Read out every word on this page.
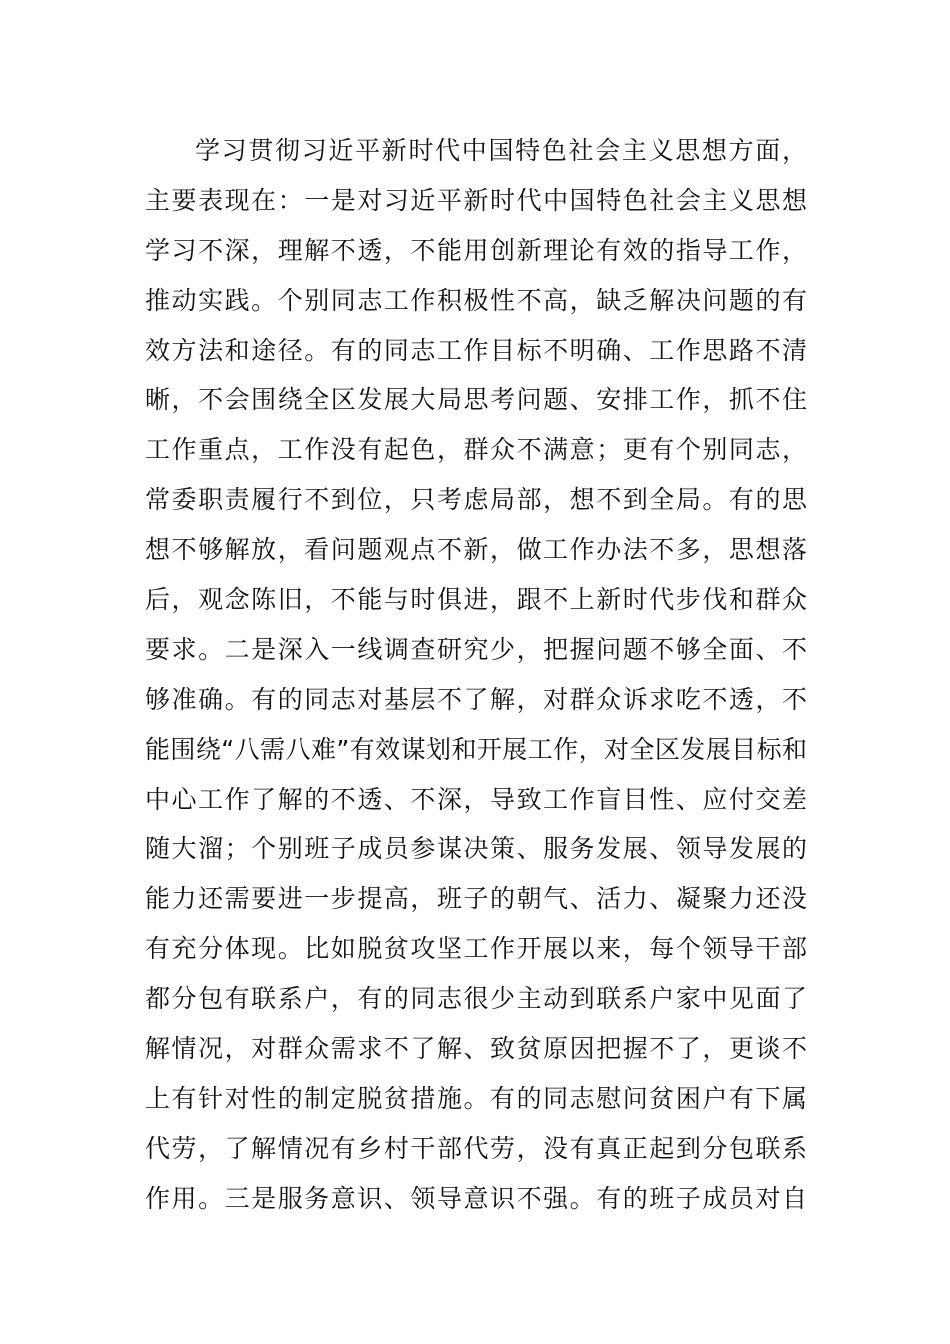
学习贯彻习近平新时代中国特色社会主义思想方面，
主要表现在：一是对习近平新时代中国特色社会主义思想
学习不深，理解不透，不能用创新理论有效的指导工作，
推动实践。个别同志工作积极性不高，缺乏解决问题的有
效方法和途径。有的同志工作目标不明确、工作思路不清
晰，不会围绕全区发展大局思考问题、安排工作，抓不住
工作重点，工作没有起色，群众不满意；更有个别同志，
常委职责履行不到位，只考虑局部，想不到全局。有的思
想不够解放，看问题观点不新，做工作办法不多，思想落
后，观念陈旧，不能与时俱进，跟不上新时代步伐和群众
要求。二是深入一线调查研究少，把握问题不够全面、不
够准确。有的同志对基层不了解，对群众诉求吃不透，不
能围绕“八需八难”有效谋划和开展工作，对全区发展目标和
中心工作了解的不透、不深，导致工作盲目性、应付交差
随大溜；个别班子成员参谋决策、服务发展、领导发展的
能力还需要进一步提高，班子的朝气、活力、凝聚力还没
有充分体现。比如脱贫攻坚工作开展以来，每个领导干部
都分包有联系户，有的同志很少主动到联系户家中见面了
解情况，对群众需求不了解、致贫原因把握不了，更谈不
上有针对性的制定脱贫措施。有的同志慰问贫困户有下属
代劳，了解情况有乡村干部代劳，没有真正起到分包联系
作用。三是服务意识、领导意识不强。有的班子成员对自
